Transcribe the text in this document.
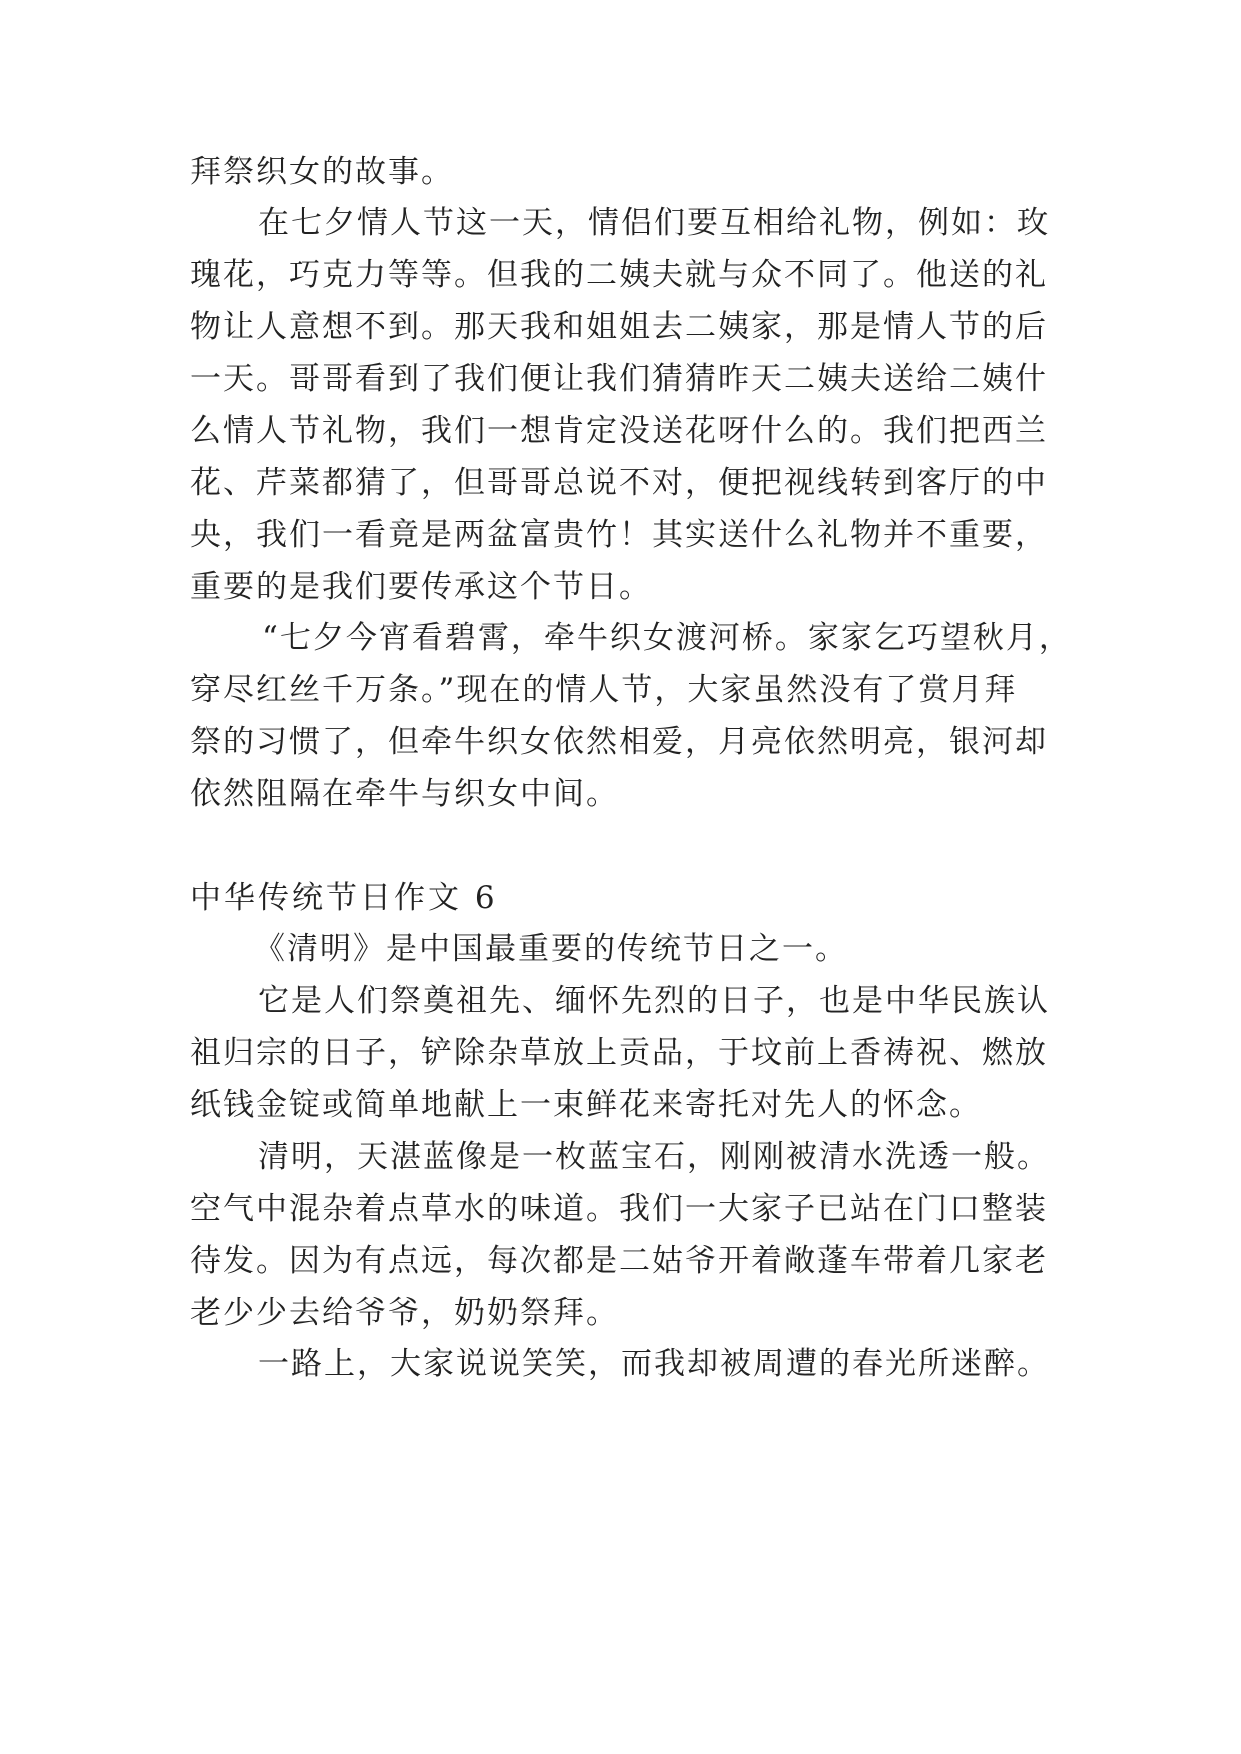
拜祭织女的故事。
在七夕情人节这一天，情侣们要互相给礼物，例如：玫
瑰花，巧克力等等。但我的二姨夫就与众不同了。他送的礼
物让人意想不到。那天我和姐姐去二姨家，那是情人节的后
一天。哥哥看到了我们便让我们猜猜昨天二姨夫送给二姨什
么情人节礼物，我们一想肯定没送花呀什么的。我们把西兰
花、芹菜都猜了，但哥哥总说不对，便把视线转到客厅的中
央，我们一看竟是两盆富贵竹！其实送什么礼物并不重要，
重要的是我们要传承这个节日。
“七夕今宵看碧霄，牵牛织女渡河桥。家家乞巧望秋月，
穿尽红丝千万条。”现在的情人节，大家虽然没有了赏月拜
祭的习惯了，但牵牛织女依然相爱，月亮依然明亮，银河却
依然阻隔在牵牛与织女中间。
中华传统节日作文 6
《清明》是中国最重要的传统节日之一。
它是人们祭奠祖先、缅怀先烈的日子，也是中华民族认
祖归宗的日子，铲除杂草放上贡品，于坟前上香祷祝、燃放
纸钱金锭或简单地献上一束鲜花来寄托对先人的怀念。
清明，天湛蓝像是一枚蓝宝石，刚刚被清水洗透一般。
空气中混杂着点草水的味道。我们一大家子已站在门口整装
待发。因为有点远，每次都是二姑爷开着敞蓬车带着几家老
老少少去给爷爷，奶奶祭拜。
一路上，大家说说笑笑，而我却被周遭的春光所迷醉。
